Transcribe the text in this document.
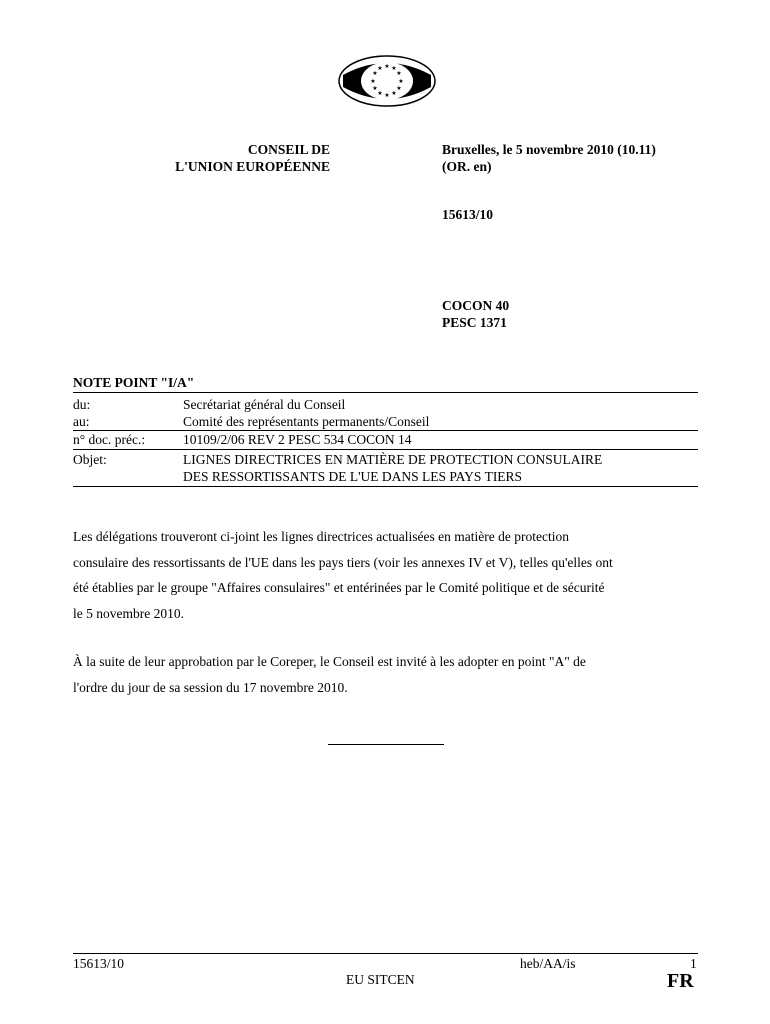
★ ★
★
★
★
★
★
★
★
★
★
★
CONSEIL DE
L'UNION EUROPÉENNE
Bruxelles, le 5 novembre 2010 (10.11)
(OR. en)
15613/10
COCON 40
PESC 1371
NOTE POINT "I/A"
du:	Secrétariat général du Conseil
au:	Comité des représentants permanents/Conseil
n° doc. préc.:	10109/2/06 REV 2 PESC 534 COCON 14
Objet:	LIGNES DIRECTRICES EN MATIÈRE DE PROTECTION CONSULAIRE
DES RESSORTISSANTS DE L'UE DANS LES PAYS TIERS
Les délégations trouveront ci-joint les lignes directrices actualisées en matière de protection
consulaire des ressortissants de l'UE dans les pays tiers (voir les annexes IV et V), telles qu'elles ont
été établies par le groupe "Affaires consulaires" et entérinées par le Comité politique et de sécurité
le 5 novembre 2010.
À la suite de leur approbation par le Coreper, le Conseil est invité à les adopter en point "A" de
l'ordre du jour de sa session du 17 novembre 2010.
15613/10	heb/AA/is	1
EU SITCEN	FR
